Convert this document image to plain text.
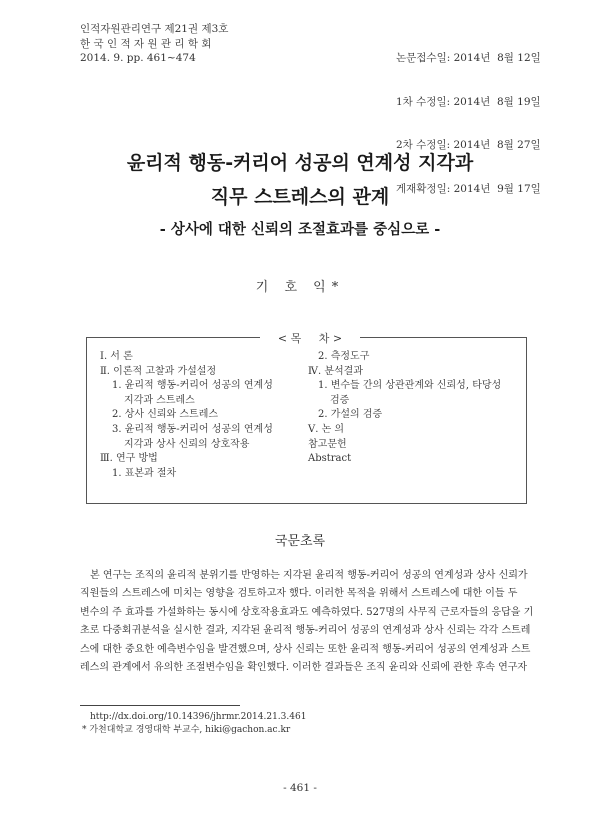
인적자원관리연구 제21권 제3호
한 국 인 적 자 원 관 리 학 회
2014. 9. pp. 461∼474

	논문접수일: 2014년  8월 12일

1차 수정일: 2014년  8월 19일

2차 수정일: 2014년  8월 27일

게재확정일: 2014년  9월 17일

윤리적 행동-커리어 성공의 연계성 지각과
직무 스트레스의 관계
- 상사에 대한 신뢰의 조절효과를 중심으로 -
기 호 익*
< 목     차 >
Ⅰ. 서 론
Ⅱ. 이론적 고찰과 가설설정
1. 윤리적 행동-커리어 성공의 연계성
지각과 스트레스
2. 상사 신뢰와 스트레스
3. 윤리적 행동-커리어 성공의 연계성
지각과 상사 신뢰의 상호작용
Ⅲ. 연구 방법
1. 표본과 절차
2. 측정도구
Ⅳ. 분석결과
1. 변수들 간의 상관관계와 신뢰성, 타당성
검증
2. 가설의 검증
Ⅴ. 논 의
참고문헌
Abstract
국문초록
본 연구는 조직의 윤리적 분위기를 반영하는 지각된 윤리적 행동-커리어 성공의 연계성과 상사 신뢰가
직원들의 스트레스에 미치는 영향을 검토하고자 했다. 이러한 목적을 위해서 스트레스에 대한 이들 두
변수의 주 효과를 가설화하는 동시에 상호작용효과도 예측하였다. 527명의 사무직 근로자들의 응답을 기
초로 다중회귀분석을 실시한 결과, 지각된 윤리적 행동-커리어 성공의 연계성과 상사 신뢰는 각각 스트레
스에 대한 중요한 예측변수임을 발견했으며, 상사 신뢰는 또한 윤리적 행동-커리어 성공의 연계성과 스트
레스의 관계에서 유의한 조절변수임을 확인했다. 이러한 결과들은 조직 윤리와 신뢰에 관한 후속 연구자
http://dx.doi.org/10.14396/jhrmr.2014.21.3.461
* 가천대학교 경영대학 부교수, hiki@gachon.ac.kr
- 461 -
